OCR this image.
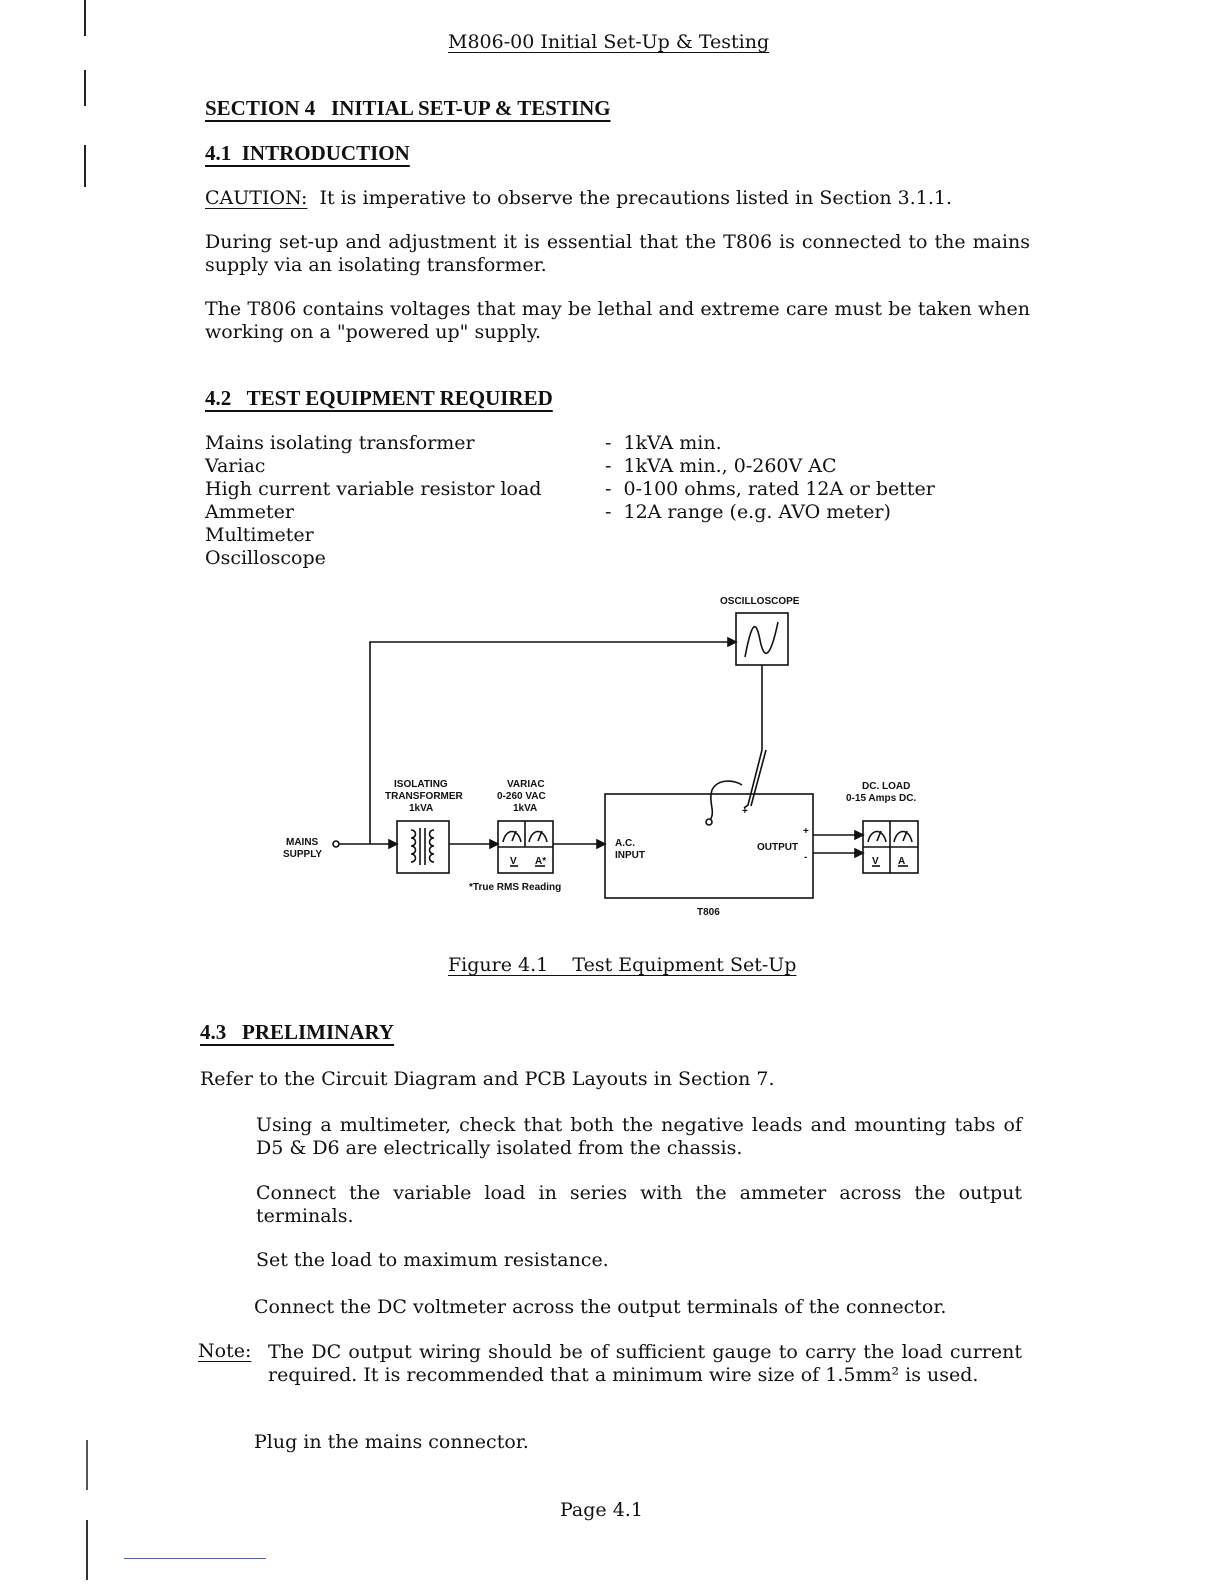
M806-00 Initial Set-Up & Testing
SECTION 4   INITIAL SET-UP & TESTING
4.1  INTRODUCTION
CAUTION: It is imperative to observe the precautions listed in Section 3.1.1.
During set-up and adjustment it is essential that the T806 is connected to the mains supply via an isolating transformer.
The T806 contains voltages that may be lethal and extreme care must be taken when working on a "powered up" supply.
4.2   TEST EQUIPMENT REQUIRED
Mains isolating transformer	-  1kVA min.
Variac	-  1kVA min., 0-260V AC
High current variable resistor load	-  0-100 ohms, rated 12A or better
Ammeter	-  12A range (e.g. AVO meter)
Multimeter
Oscilloscope
OSCILLOSCOPE
ISOLATING
TRANSFORMER
1kVA
VARIAC
0-260 VAC
1kVA
DC. LOAD
0-15 Amps DC.
MAINS
SUPPLY
A.C.
INPUT
OUTPUT
+
-
+
T806
*True RMS Reading
V A*	V A
Figure 4.1    Test Equipment Set-Up
4.3   PRELIMINARY
Refer to the Circuit Diagram and PCB Layouts in Section 7.
Using a multimeter, check that both the negative leads and mounting tabs of D5 & D6 are electrically isolated from the chassis.
Connect the variable load in series with the ammeter across the output terminals.
Set the load to maximum resistance.
Connect the DC voltmeter across the output terminals of the connector.
Note: The DC output wiring should be of sufficient gauge to carry the load current required. It is recommended that a minimum wire size of 1.5mm² is used.
Plug in the mains connector.
Page 4.1
